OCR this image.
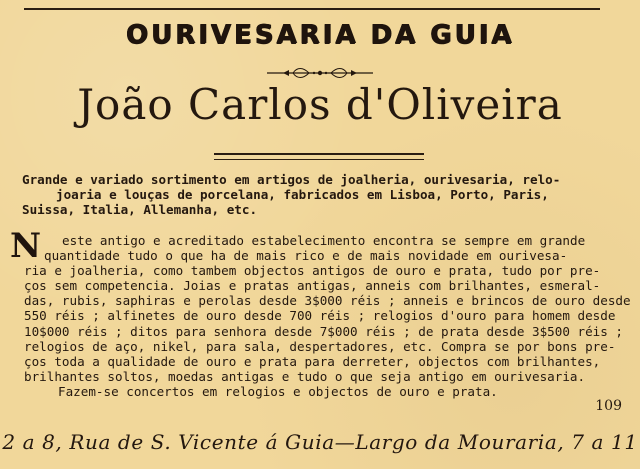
OURIVESARIA DA GUIA
João Carlos d'Oliveira
Grande e variado sortimento em artigos de joalheria, ourivesaria, relo-
joaria e louças de porcelana, fabricados em Lisboa, Porto, Paris,
Suissa, Italia, Allemanha, etc.
N	este antigo e acreditado estabelecimento encontra se sempre em grande
quantidade tudo o que ha de mais rico e de mais novidade em ourivesa-
ria e joalheria, como tambem objectos antigos de ouro e prata, tudo por pre-
ços sem competencia. Joias e pratas antigas, anneis com brilhantes, esmeral-
das, rubis, saphiras e perolas desde 3$000 réis ; anneis e brincos de ouro desde
550 réis ; alfinetes de ouro desde 700 réis ; relogios d'ouro para homem desde
10$000 réis ; ditos para senhora desde 7$000 réis ; de prata desde 3$500 réis ;
relogios de aço, nikel, para sala, despertadores, etc. Compra se por bons pre-
ços toda a qualidade de ouro e prata para derreter, objectos com brilhantes,
brilhantes soltos, moedas antigas e tudo o que seja antigo em ourivesaria.
Fazem-se concertos em relogios e objectos de ouro e prata.
109
2 a 8, Rua de S. Vicente á Guia—Largo da Mouraria, 7 a 11
